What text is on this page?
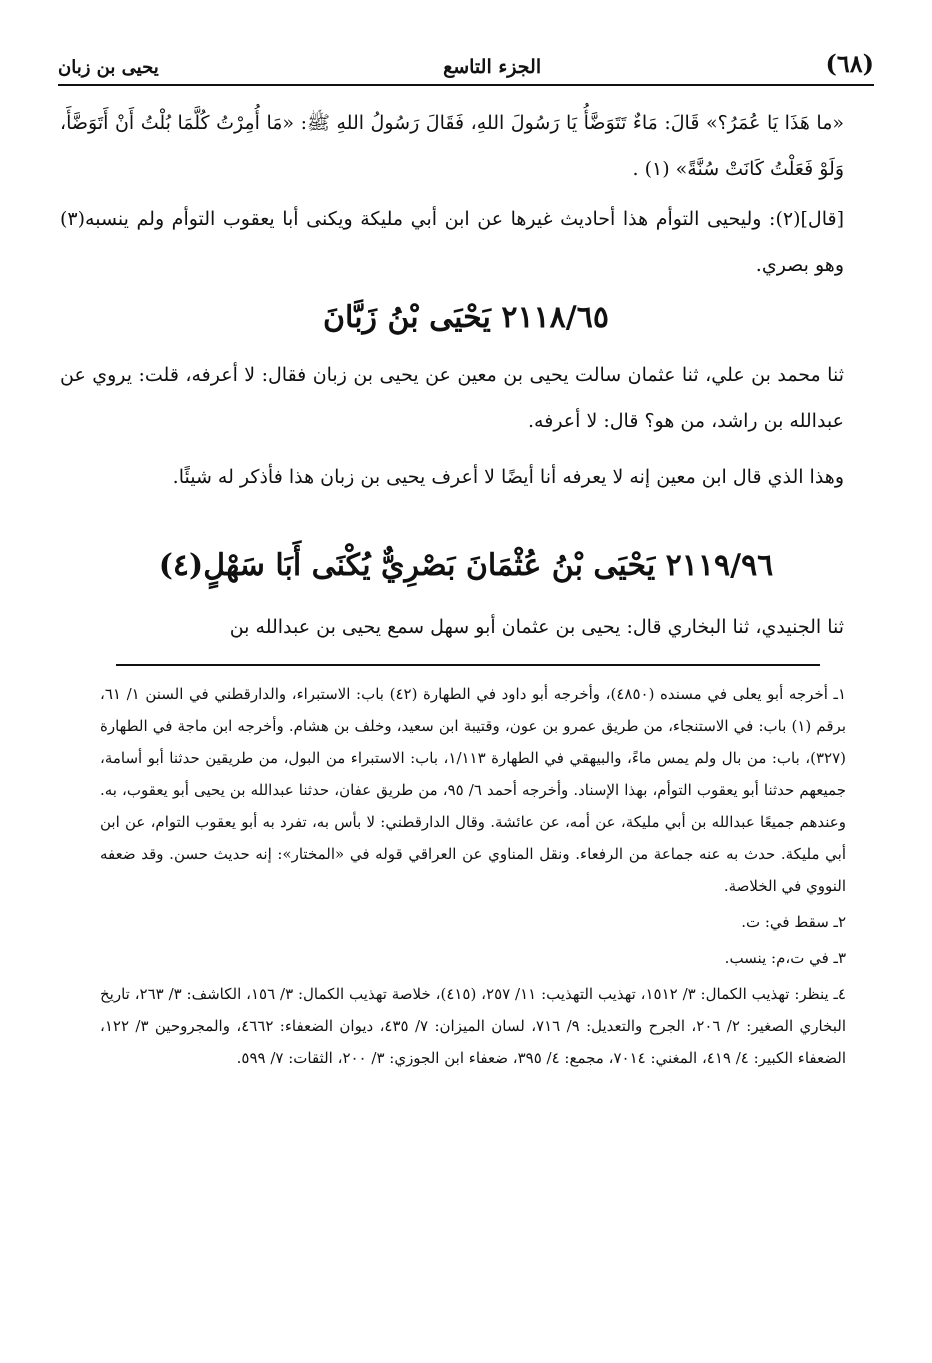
(٦٨)
الجزء التاسع
يحيى بن زبان
«ما هَذَا يَا عُمَرُ؟» قَالَ: مَاءٌ تَتَوَضَّأُ يَا رَسُولَ اللهِ، فَقَالَ رَسُولُ اللهِ ﷺ: «مَا أُمِرْتُ كُلَّمَا بُلْتُ أَنْ أَتَوَضَّأَ، وَلَوْ فَعَلْتُ كَانَتْ سُنَّةً» (١) .
[قال](٢): وليحيى التوأم هذا أحاديث غيرها عن ابن أبي مليكة ويكنى أبا يعقوب التوأم ولم ينسبه(٣) وهو بصري.
٢١١٨/٦٥ يَحْيَى بْنُ زَبَّانَ
ثنا محمد بن علي، ثنا عثمان سالت يحيى بن معين عن يحيى بن زبان فقال: لا أعرفه، قلت: يروي عن عبدالله بن راشد، من هو؟ قال: لا أعرفه.
وهذا الذي قال ابن معين إنه لا يعرفه أنا أيضًا لا أعرف يحيى بن زبان هذا فأذكر له شيئًا.
٢١١٩/٩٦ يَحْيَى بْنُ عُثْمَانَ بَصْرِيٌّ يُكْنَى أَبَا سَهْلٍ(٤)
ثنا الجنيدي، ثنا البخاري قال: يحيى بن عثمان أبو سهل سمع يحيى بن عبدالله بن

١ـ أخرجه أبو يعلى في مسنده (٤٨٥٠)، وأخرجه أبو داود في الطهارة (٤٢) باب: الاستبراء، والدارقطني في السنن ١/ ٦١، برقم (١) باب: في الاستنجاء، من طريق عمرو بن عون، وقتيبة ابن سعيد، وخلف بن هشام. وأخرجه ابن ماجة في الطهارة (٣٢٧)، باب: من بال ولم يمس ماءً، والبيهقي في الطهارة ١/١١٣، باب: الاستبراء من البول، من طريقين حدثنا أبو أسامة، جميعهم حدثنا أبو يعقوب التوأم، بهذا الإسناد. وأخرجه أحمد ٦/ ٩٥، من طريق عفان، حدثنا عبدالله بن يحيى أبو يعقوب، به. وعندهم جميعًا عبدالله بن أبي مليكة، عن أمه، عن عائشة. وقال الدارقطني: لا بأس به، تفرد به أبو يعقوب التوام، عن ابن أبي مليكة. حدث به عنه جماعة من الرفعاء. ونقل المناوي عن العراقي قوله في «المختار»: إنه حديث حسن. وقد ضعفه النووي في الخلاصة.

٢ـ سقط في: ت.

٣ـ في ت،م: ينسب.

٤ـ ينظر: تهذيب الكمال: ٣/ ١٥١٢، تهذيب التهذيب: ١١/ ٢٥٧، (٤١٥)، خلاصة تهذيب الكمال: ٣/ ١٥٦، الكاشف: ٣/ ٢٦٣، تاريخ البخاري الصغير: ٢/ ٢٠٦، الجرح والتعديل: ٩/ ٧١٦، لسان الميزان: ٧/ ٤٣٥، ديوان الضعفاء: ٤٦٦٢، والمجروحين ٣/ ١٢٢، الضعفاء الكبير: ٤/ ٤١٩، المغني: ٧٠١٤، مجمع: ٤/ ٣٩٥، ضعفاء ابن الجوزي: ٣/ ٢٠٠، الثقات: ٧/ ٥٩٩.
